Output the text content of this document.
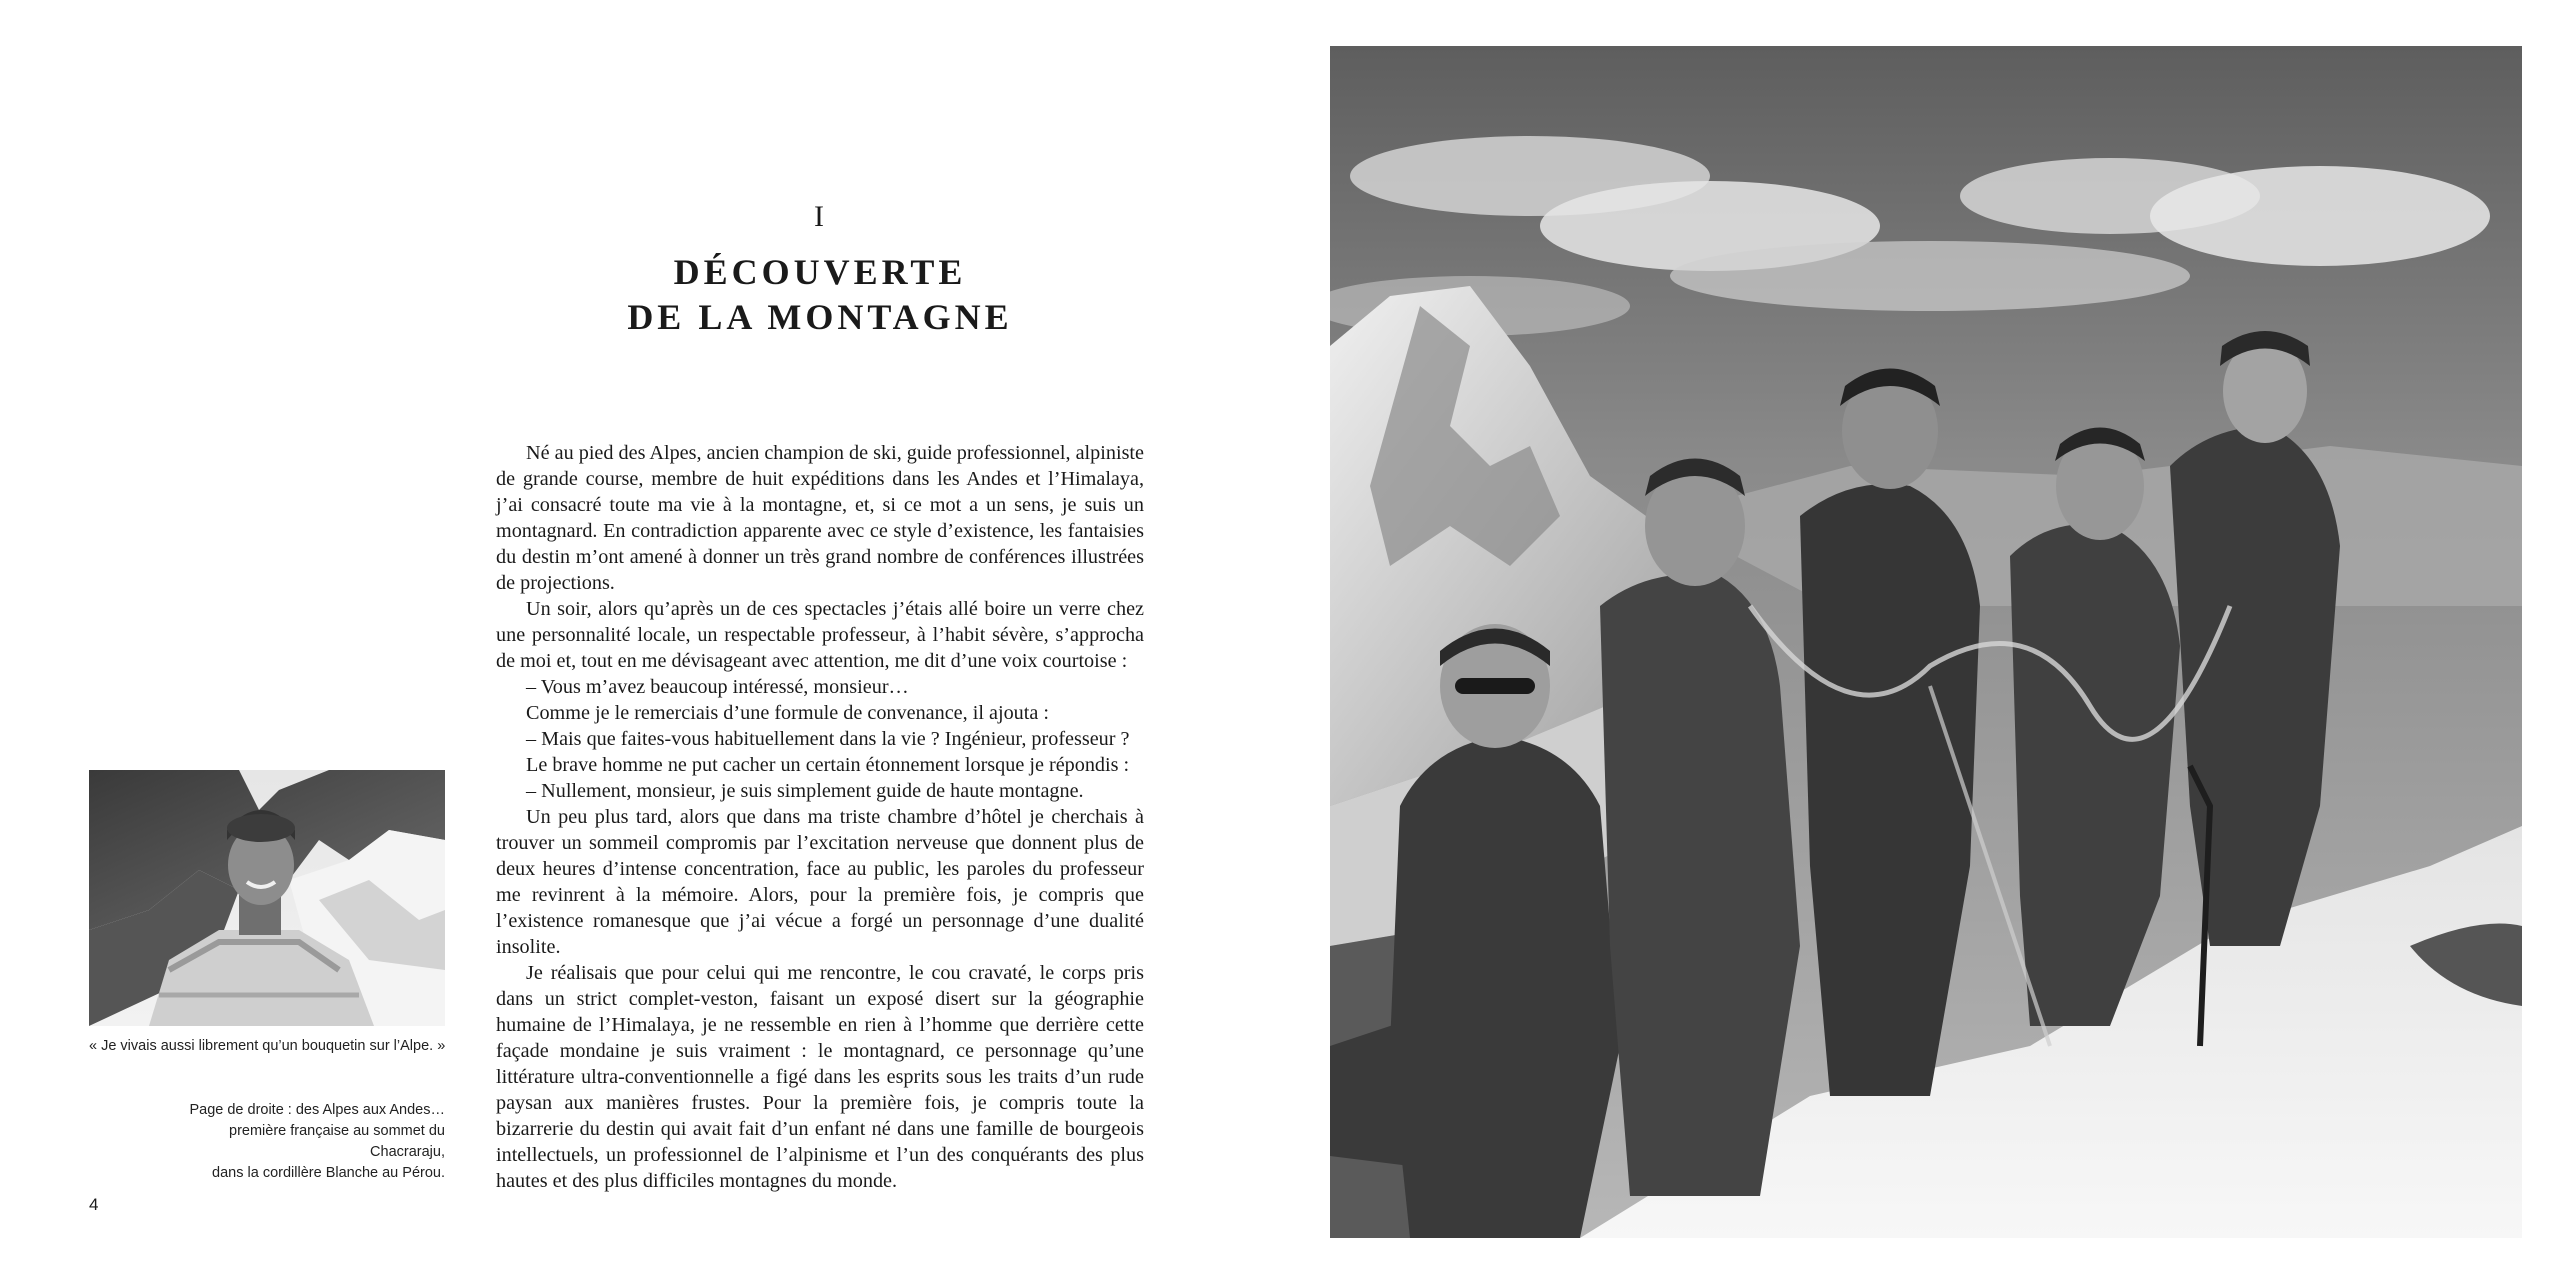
I
DÉCOUVERTE
DE LA MONTAGNE

Né au pied des Alpes, ancien champion de ski, guide professionnel, alpiniste de grande course, membre de huit expéditions dans les Andes et l’Himalaya, j’ai consacré toute ma vie à la montagne, et, si ce mot a un sens, je suis un montagnard. En contradiction apparente avec ce style d’existence, les fantaisies du destin m’ont amené à donner un très grand nombre de conférences illustrées de projections.

Un soir, alors qu’après un de ces spectacles j’étais allé boire un verre chez une personnalité locale, un respectable professeur, à l’habit sévère, s’approcha de moi et, tout en me dévisageant avec attention, me dit d’une voix courtoise :

– Vous m’avez beaucoup intéressé, monsieur…

Comme je le remerciais d’une formule de convenance, il ajouta :

– Mais que faites-vous habituellement dans la vie ? Ingénieur, professeur ?

Le brave homme ne put cacher un certain étonnement lorsque je répondis :

– Nullement, monsieur, je suis simplement guide de haute montagne.

Un peu plus tard, alors que dans ma triste chambre d’hôtel je cherchais à trouver un sommeil compromis par l’excitation nerveuse que donnent plus de deux heures d’intense concentration, face au public, les paroles du professeur me revinrent à la mémoire. Alors, pour la première fois, je compris que l’existence romanesque que j’ai vécue a forgé un personnage d’une dualité insolite.

Je réalisais que pour celui qui me rencontre, le cou cravaté, le corps pris dans un strict complet-veston, faisant un exposé disert sur la géographie humaine de l’Himalaya, je ne ressemble en rien à l’homme que derrière cette façade mondaine je suis vraiment : le montagnard, ce personnage qu’une littérature ultra-conventionnelle a figé dans les esprits sous les traits d’un rude paysan aux manières frustes. Pour la première fois, je compris toute la bizarrerie du destin qui avait fait d’un enfant né dans une famille de bourgeois intellectuels, un professionnel de l’alpinisme et l’un des conquérants des plus hautes et des plus difficiles montagnes du monde.

« Je vivais aussi librement qu’un bouquetin sur l’Alpe. »
Page de droite : des Alpes aux Andes…
première française au sommet du Chacraraju,
dans la cordillère Blanche au Pérou.
4
